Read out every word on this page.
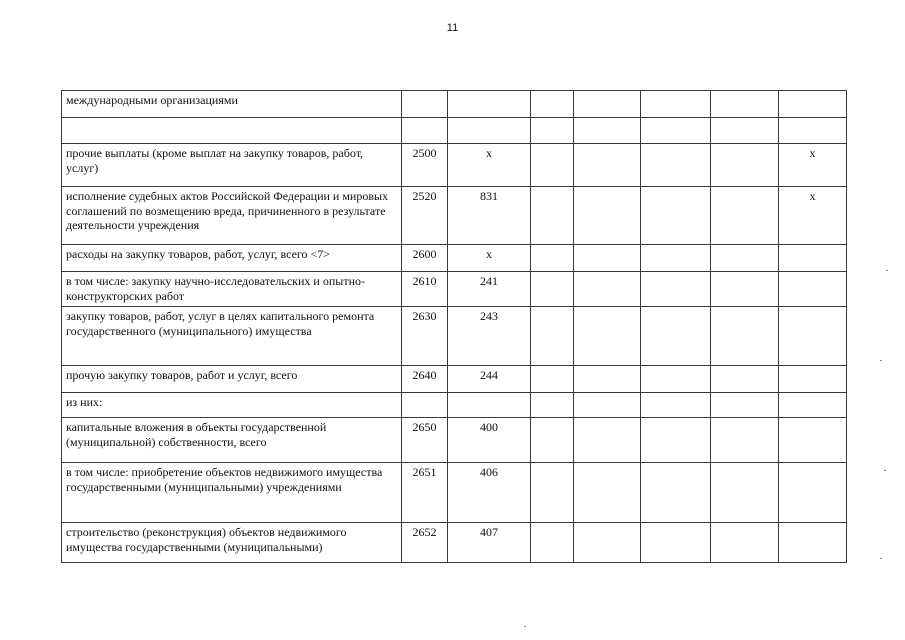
11
международными организациями							

прочие выплаты (кроме выплат на закупку товаров, работ, услуг)	2500	х					х
исполнение судебных актов Российской Федерации и мировых соглашений по возмещению вреда, причиненного в результате деятельности учреждения	2520	831					х
расходы на закупку товаров, работ, услуг, всего <7>	2600	х					
в том числе: закупку научно-исследовательских и опытно-конструкторских работ	2610	241					
закупку товаров, работ, услуг в целях капитального ремонта государственного (муниципального) имущества	2630	243					
прочую закупку товаров, работ и услуг, всего	2640	244					
из них:							
капитальные вложения в объекты государственной (муниципальной) собственности, всего	2650	400					
в том числе: приобретение объектов недвижимого имущества государственными (муниципальными) учреждениями	2651	406					
строительство (реконструкция) объектов недвижимого имущества государственными (муниципальными)	2652	407					
